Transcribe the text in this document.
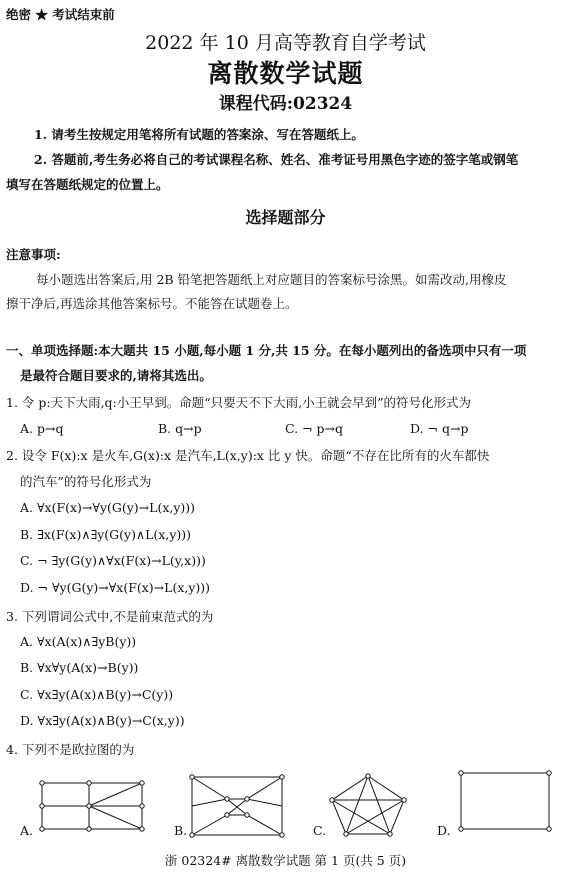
绝密 ★ 考试结束前
2022 年 10 月高等教育自学考试
离散数学试题
课程代码:02324
1. 请考生按规定用笔将所有试题的答案涂、写在答题纸上。
2. 答题前,考生务必将自己的考试课程名称、姓名、准考证号用黑色字迹的签字笔或钢笔
填写在答题纸规定的位置上。
选择题部分
注意事项:
每小题选出答案后,用 2B 铅笔把答题纸上对应题目的答案标号涂黑。如需改动,用橡皮
擦干净后,再选涂其他答案标号。不能答在试题卷上。
一、单项选择题:本大题共 15 小题,每小题 1 分,共 15 分。在每小题列出的备选项中只有一项
是最符合题目要求的,请将其选出。
1. 令 p:天下大雨,q:小王早到。命题“只要天不下大雨,小王就会早到”的符号化形式为
A. p→q	B. q→p	C. ¬ p→q	D. ¬ q→p
2. 设令 F(x):x 是火车,G(x):x 是汽车,L(x,y):x 比 y 快。命题“不存在比所有的火车都快
的汽车”的符号化形式为
A. ∀x(F(x)→∀y(G(y)→L(x,y)))
B. ∃x(F(x)∧∃y(G(y)∧L(x,y)))
C. ¬ ∃y(G(y)∧∀x(F(x)→L(y,x)))
D. ¬ ∀y(G(y)→∀x(F(x)→L(x,y)))
3. 下列谓词公式中,不是前束范式的为
A. ∀x(A(x)∧∃yB(y))
B. ∀x∀y(A(x)→B(y))
C. ∀x∃y(A(x)∧B(y)→C(y))
D. ∀x∃y(A(x)∧B(y)→C(x,y))
4. 下列不是欧拉图的为
A.	B.	C.	D.
浙 02324# 离散数学试题 第 1 页(共 5 页)
